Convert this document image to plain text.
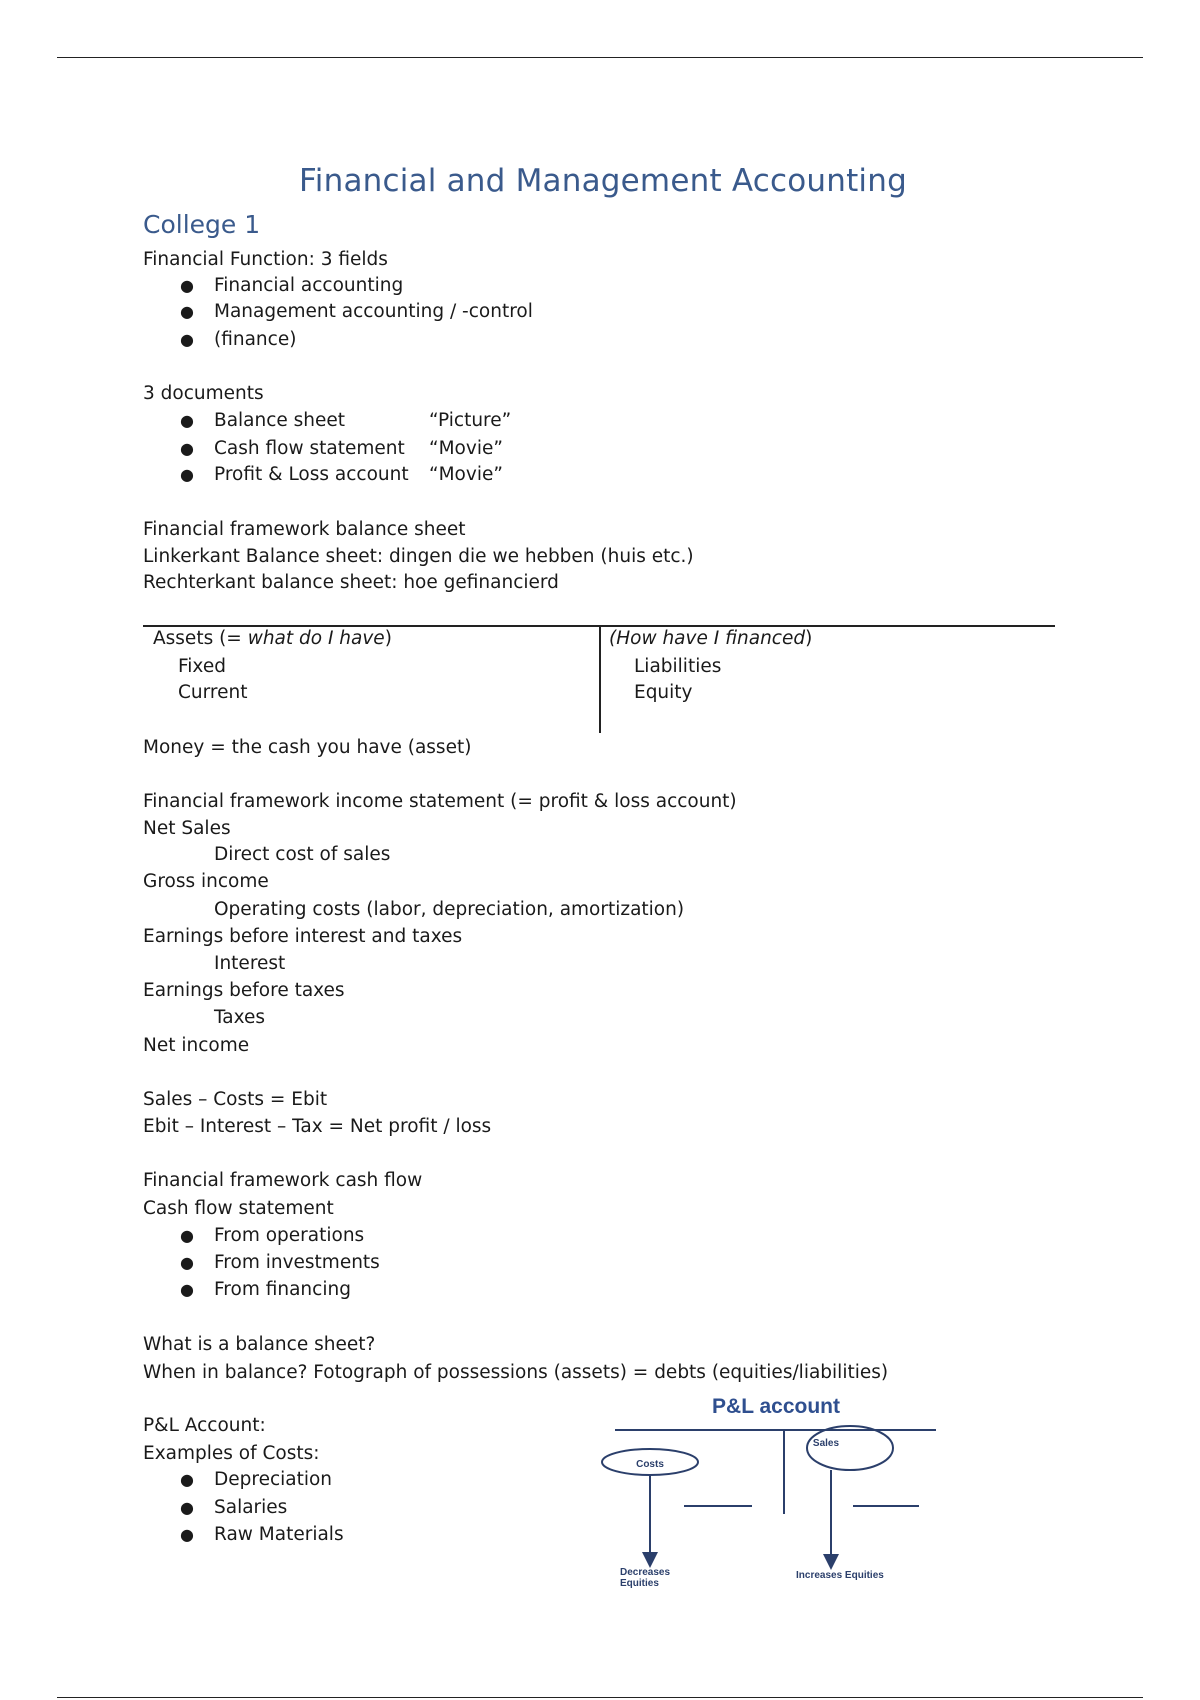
Financial and Management Accounting
College 1
Financial Function: 3 fields
● Financial accounting
● Management accounting / -control
● (finance)
3 documents
● Balance sheet	“Picture”
● Cash flow statement “Movie”
● Profit & Loss account “Movie”
Financial framework balance sheet
Linkerkant Balance sheet: dingen die we hebben (huis etc.)
Rechterkant balance sheet: hoe gefinancierd
Assets (= what do I have)
Fixed
Current
(How have I financed)
Liabilities
Equity
Money = the cash you have (asset)
Financial framework income statement (= profit & loss account)
Net Sales
Direct cost of sales
Gross income
Operating costs (labor, depreciation, amortization)
Earnings before interest and taxes
Interest
Earnings before taxes
Taxes
Net income
Sales – Costs = Ebit
Ebit – Interest – Tax = Net profit / loss
Financial framework cash flow
Cash flow statement
● From operations
● From investments
● From financing
What is a balance sheet?
When in balance? Fotograph of possessions (assets) = debts (equities/liabilities)
P&L Account:
Examples of Costs:
● Depreciation
● Salaries
● Raw Materials
P&L account
Costs
Sales
Decreases
Equities
Increases Equities
